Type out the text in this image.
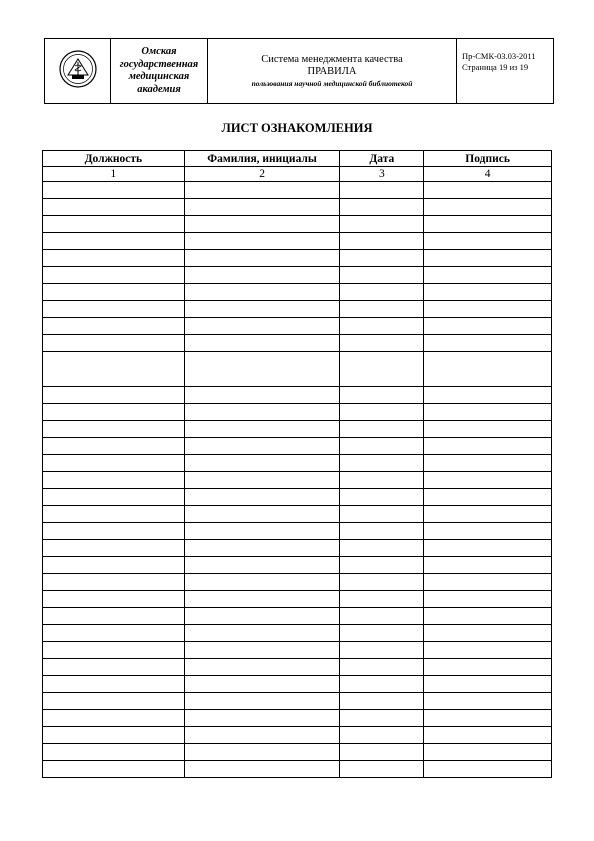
	Омская
государственная
медицинская
академия	
Система менеджмента качества
ПРАВИЛА
пользования научной медицинской библиотекой
	Пр-СМК-03.03-2011
Страница 19 из 19
ЛИСТ ОЗНАКОМЛЕНИЯ
Должность	Фамилия, инициалы	Дата	Подпись
1	2	3	4
